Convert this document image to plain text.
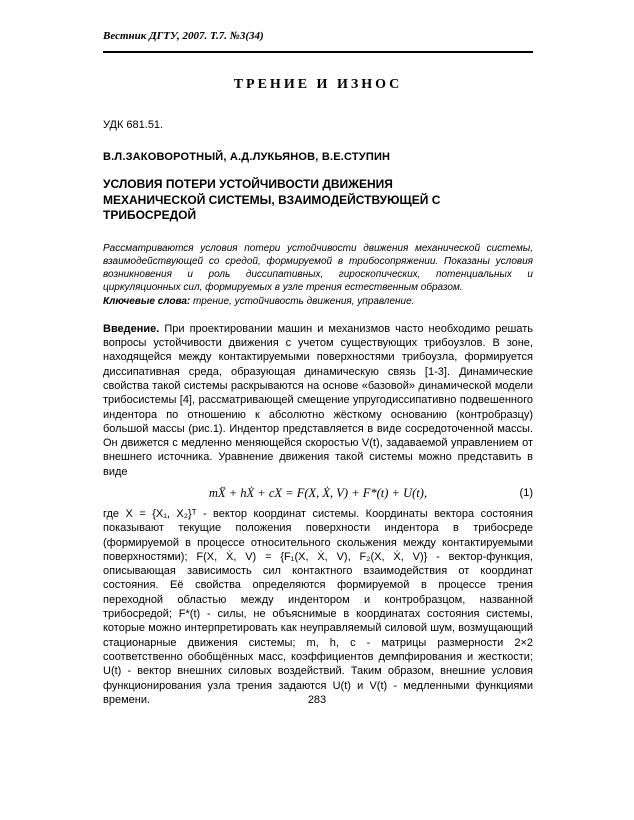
Вестник ДГТУ, 2007. Т.7. №3(34)
ТРЕНИЕ И ИЗНОС
УДК 681.51.
В.Л.ЗАКОВОРОТНЫЙ, А.Д.ЛУКЬЯНОВ, В.Е.СТУПИН
УСЛОВИЯ ПОТЕРИ УСТОЙЧИВОСТИ ДВИЖЕНИЯ МЕХАНИЧЕСКОЙ СИСТЕМЫ, ВЗАИМОДЕЙСТВУЮЩЕЙ С ТРИБОСРЕДОЙ

Рассматриваются условия потери устойчивости движения механической системы, взаимодействующей со средой, формируемой в трибосопряжении. Показаны условия возникновения и роль диссипативных, гироскопических, потенциальных и циркуляционных сил, формируемых в узле трения естественным образом.

Ключевые слова: трение, устойчивость движения, управление.

Введение. При проектировании машин и механизмов часто необходимо решать вопросы устойчивости движения с учетом существующих трибоузлов. В зоне, находящейся между контактируемыми поверхностями трибоузла, формируется диссипативная среда, образующая динамическую связь [1-3]. Динамические свойства такой системы раскрываются на основе «базовой» динамической модели трибосистемы [4], рассматривающей смещение упругодиссипативно подвешенного индентора по отношению к абсолютно жёсткому основанию (контробразцу) большой массы (рис.1). Индентор представляется в виде сосредоточенной массы. Он движется с медленно меняющейся скоростью V(t), задаваемой управлением от внешнего источника. Уравнение движения такой системы можно представить в виде

mẌ + hẊ + cX = F(X, Ẋ, V) + F*(t) + U(t),	(1)

где X = {X₁, X₂}ᵀ - вектор координат системы. Координаты вектора состояния показывают текущие положения поверхности индентора в трибосреде (формируемой в процессе относительного скольжения между контактируемыми поверхностями); F(X, Ẋ, V) = {F₁(X, Ẋ, V), F₂(X, Ẋ, V)} - вектор-функция, описывающая зависимость сил контактного взаимодействия от координат состояния. Её свойства определяются формируемой в процессе трения переходной областью между индентором и контробразцом, названной трибосредой; F*(t) - силы, не объяснимые в координатах состояния системы, которые можно интерпретировать как неуправляемый силовой шум, возмущающий стационарные движения системы; m, h, c - матрицы размерности 2×2 соответственно обобщённых масс, коэффициентов демпфирования и жесткости; U(t) - вектор внешних силовых воздействий. Таким образом, внешние условия функционирования узла трения задаются U(t) и V(t) - медленными функциями времени.	283
